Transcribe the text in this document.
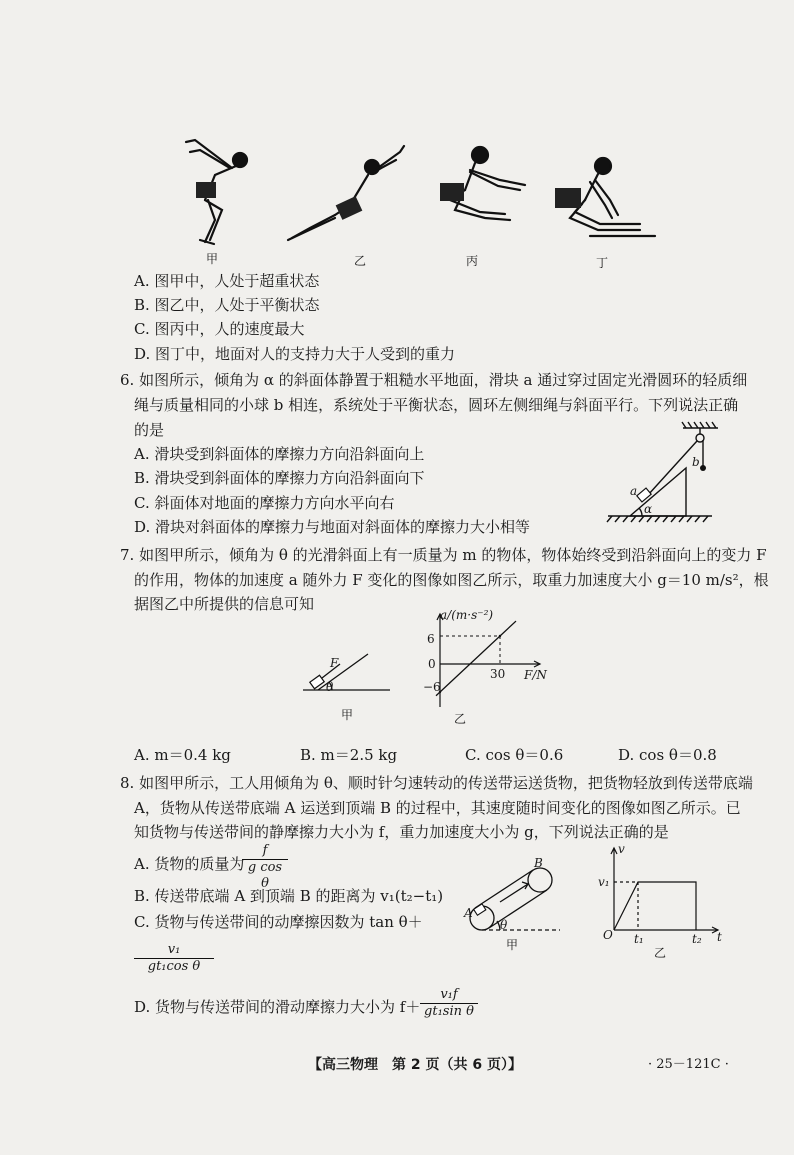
甲	乙	丙	丁
A. 图甲中，人处于超重状态
B. 图乙中，人处于平衡状态
C. 图丙中，人的速度最大
D. 图丁中，地面对人的支持力大于人受到的重力
6. 如图所示，倾角为 α 的斜面体静置于粗糙水平地面，滑块 a 通过穿过固定光滑圆环的轻质细
绳与质量相同的小球 b 相连，系统处于平衡状态，圆环左侧细绳与斜面平行。下列说法正确
的是
A. 滑块受到斜面体的摩擦力方向沿斜面向上
B. 滑块受到斜面体的摩擦力方向沿斜面向下
C. 斜面体对地面的摩擦力方向水平向右
D. 滑块对斜面体的摩擦力与地面对斜面体的摩擦力大小相等
b
a
α
7. 如图甲所示，倾角为 θ 的光滑斜面上有一质量为 m 的物体，物体始终受到沿斜面向上的变力 F
的作用，物体的加速度 a 随外力 F 变化的图像如图乙所示，取重力加速度大小 g＝10 m/s²，根
据图乙中所提供的信息可知
F
θ
甲
a/(m·s⁻²)
F/N
6
0
−6
30
乙
A. m＝0.4 kg	B. m＝2.5 kg	C. cos θ＝0.6	D. cos θ＝0.8
8. 如图甲所示，工人用倾角为 θ、顺时针匀速转动的传送带运送货物，把货物轻放到传送带底端
A，货物从传送带底端 A 运送到顶端 B 的过程中，其速度随时间变化的图像如图乙所示。已
知货物与传送带间的静摩擦力大小为 f，重力加速度大小为 g，下列说法正确的是
A. 货物的质量为
$\frac{f}{\text{g cos θ}}$
B. 传送带底端 A 到顶端 B 的距离为 v₁(t₂−t₁)
C. 货物与传送带间的动摩擦因数为 tan θ＋
$\frac{\text{v₁}}{\text{gt₁cos θ}}$
D. 货物与传送带间的滑动摩擦力大小为 $f+ \frac{\text{v₁f}}{\text{gt₁sin θ}}$
B
A
θ
甲
v
v₁
O t₁	t₂ t
乙
【高三物理　第 2 页（共 6 页）】	· 25－121C ·
